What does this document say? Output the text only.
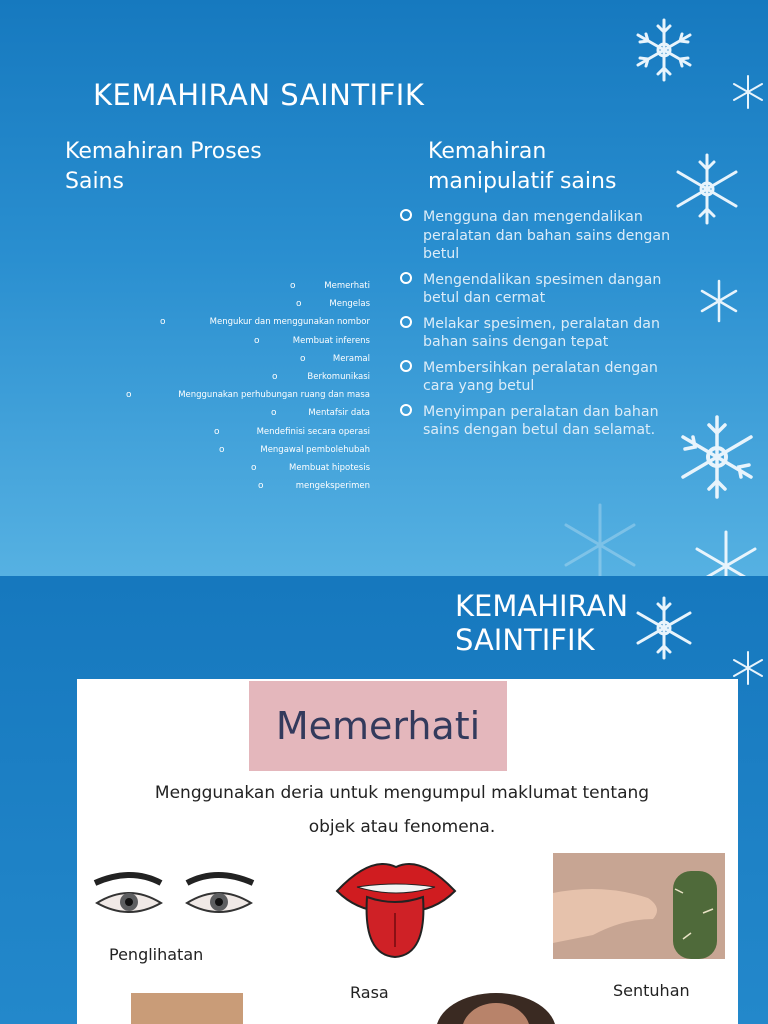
KEMAHIRAN SAINTIFIK
Kemahiran Proses Sains
Kemahiran manipulatif sains
o	Memerhati
o	Mengelas
o	Mengukur dan menggunakan nombor
o	Membuat inferens
o	Meramal
o	Berkomunikasi
o	Menggunakan perhubungan ruang dan masa
o	Mentafsir data
o	Mendefinisi secara operasi
o	Mengawal pembolehubah
o	Membuat hipotesis
o	mengeksperimen
Mengguna dan mengendalikan peralatan dan bahan sains dengan betul
Mengendalikan spesimen dangan betul dan cermat
Melakar spesimen, peralatan dan bahan sains dengan tepat
Membersihkan peralatan dengan cara yang betul
Menyimpan peralatan dan bahan sains dengan betul dan selamat.
KEMAHIRAN
SAINTIFIK
Memerhati

Menggunakan deria untuk mengumpul maklumat tentang
objek atau fenomena.

Penglihatan
Rasa	Sentuhan
